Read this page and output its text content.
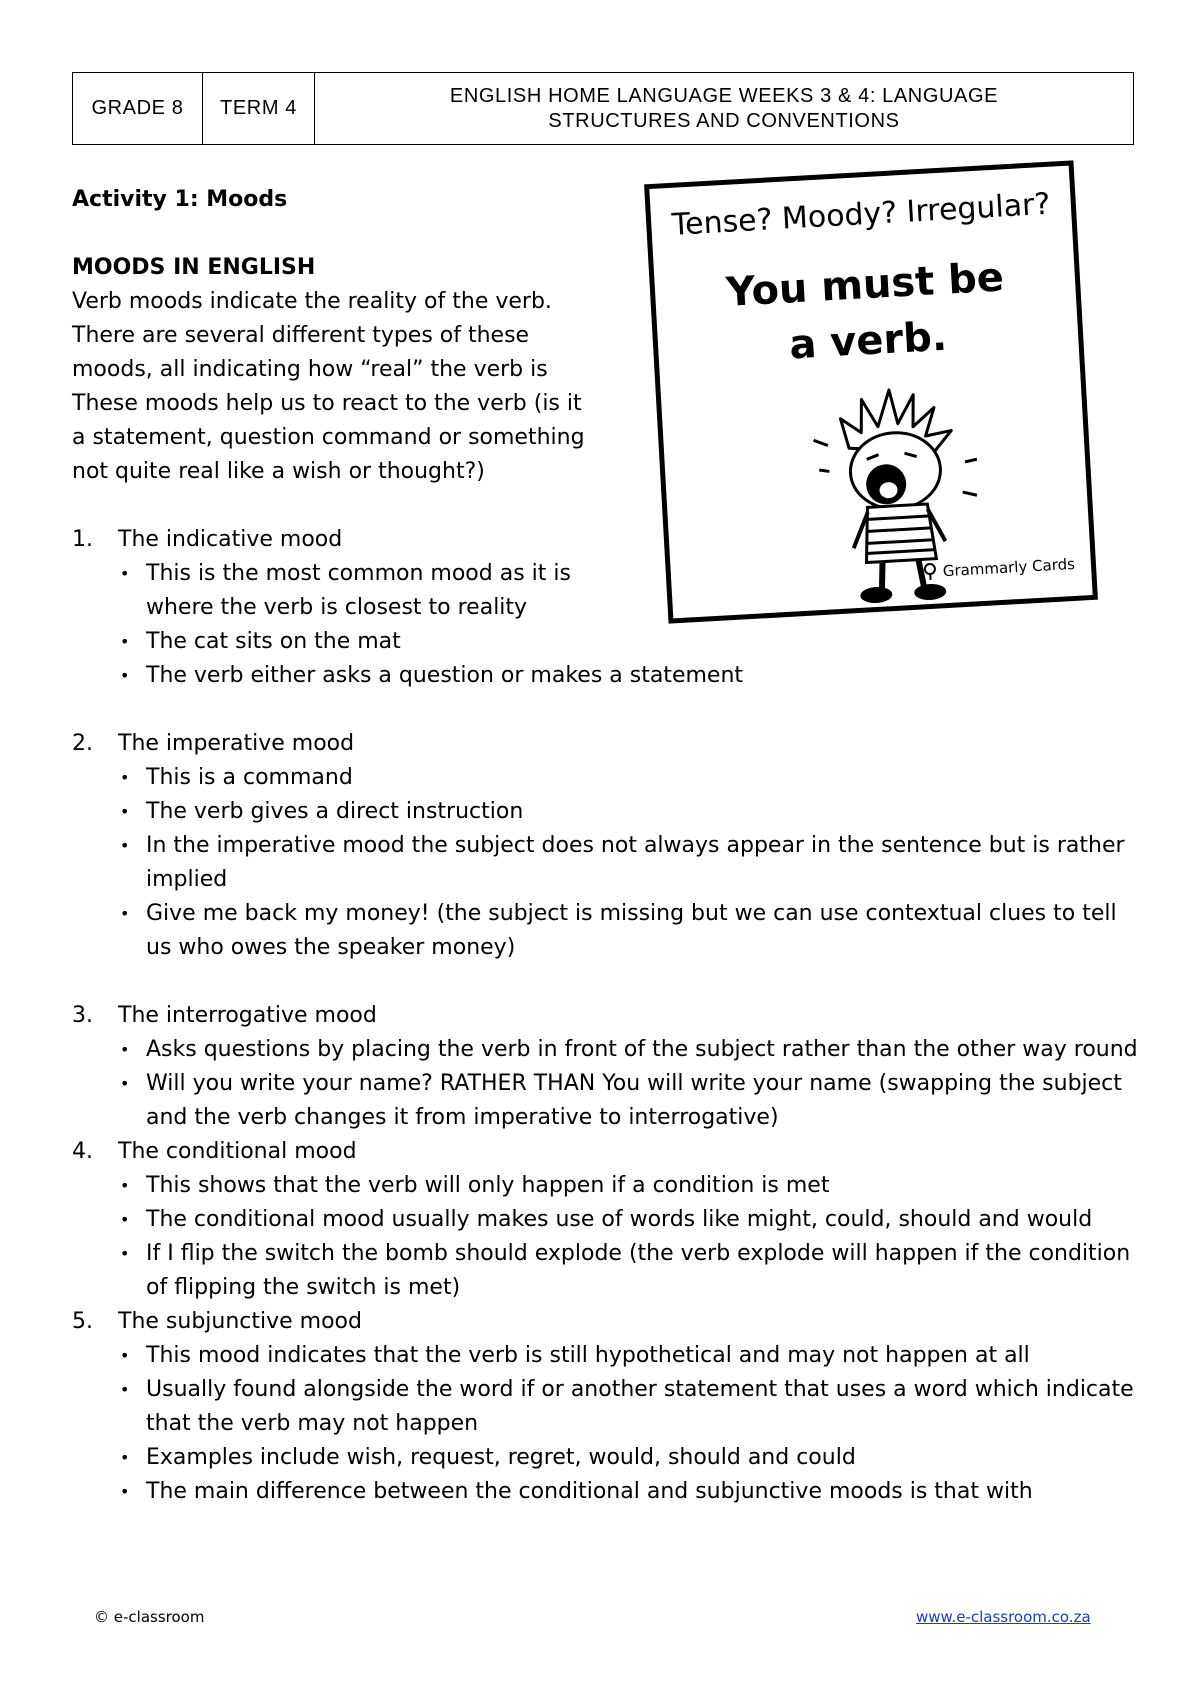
GRADE 8	TERM 4
ENGLISH HOME LANGUAGE WEEKS 3 & 4: LANGUAGE
STRUCTURES AND CONVENTIONS
Tense? Moody? Irregular?
You must be
a verb.
Grammarly Cards
Activity 1: Moods
MOODS IN ENGLISH
Verb moods indicate the reality of the verb.
There are several different types of these
moods, all indicating how “real” the verb is
These moods help us to react to the verb (is it
a statement, question command or something
not quite real like a wish or thought?)
1.	The indicative mood
• This is the most common mood as it is
where the verb is closest to reality
• The cat sits on the mat
• The verb either asks a question or makes a statement
2.	The imperative mood
• This is a command
• The verb gives a direct instruction
• In the imperative mood the subject does not always appear in the sentence but is rather implied
• Give me back my money! (the subject is missing but we can use contextual clues to tell us who owes the speaker money)
3.	The interrogative mood
• Asks questions by placing the verb in front of the subject rather than the other way round
• Will you write your name? RATHER THAN You will write your name (swapping the subject and the verb changes it from imperative to interrogative)
4.	The conditional mood
• This shows that the verb will only happen if a condition is met
• The conditional mood usually makes use of words like might, could, should and would
• If I flip the switch the bomb should explode (the verb explode will happen if the condition of flipping the switch is met)
5.	The subjunctive mood
• This mood indicates that the verb is still hypothetical and may not happen at all
• Usually found alongside the word if or another statement that uses a word which indicate that the verb may not happen
• Examples include wish, request, regret, would, should and could
• The main difference between the conditional and subjunctive moods is that with
© e-classroom	www.e-classroom.co.za
